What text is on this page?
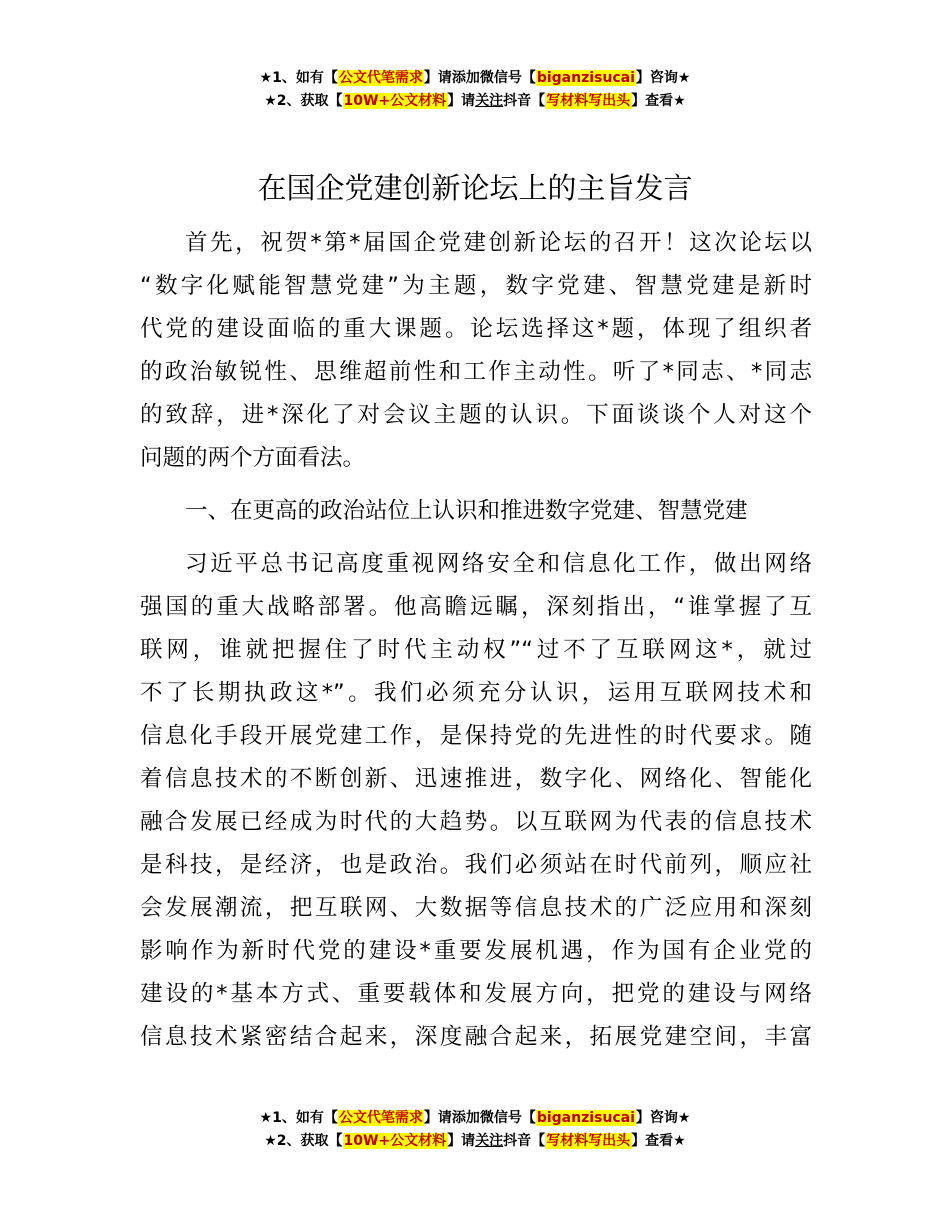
★1、如有【公文代笔需求】请添加微信号【biganzisucai】咨询★
★2、获取【10W+公文材料】请关注抖音【写材料写出头】查看★
在国企党建创新论坛上的主旨发言
首先，祝贺*第*届国企党建创新论坛的召开！这次论坛以
“数字化赋能智慧党建”为主题，数字党建、智慧党建是新时
代党的建设面临的重大课题。论坛选择这*题，体现了组织者
的政治敏锐性、思维超前性和工作主动性。听了*同志、*同志
的致辞，进*深化了对会议主题的认识。下面谈谈个人对这个
问题的两个方面看法。
一、在更高的政治站位上认识和推进数字党建、智慧党建
习近平总书记高度重视网络安全和信息化工作，做出网络
强国的重大战略部署。他高瞻远瞩，深刻指出，“谁掌握了互
联网，谁就把握住了时代主动权”“过不了互联网这*，就过
不了长期执政这*”。我们必须充分认识，运用互联网技术和
信息化手段开展党建工作，是保持党的先进性的时代要求。随
着信息技术的不断创新、迅速推进，数字化、网络化、智能化
融合发展已经成为时代的大趋势。以互联网为代表的信息技术
是科技，是经济，也是政治。我们必须站在时代前列，顺应社
会发展潮流，把互联网、大数据等信息技术的广泛应用和深刻
影响作为新时代党的建设*重要发展机遇，作为国有企业党的
建设的*基本方式、重要载体和发展方向，把党的建设与网络
信息技术紧密结合起来，深度融合起来，拓展党建空间，丰富
★1、如有【公文代笔需求】请添加微信号【biganzisucai】咨询★
★2、获取【10W+公文材料】请关注抖音【写材料写出头】查看★
